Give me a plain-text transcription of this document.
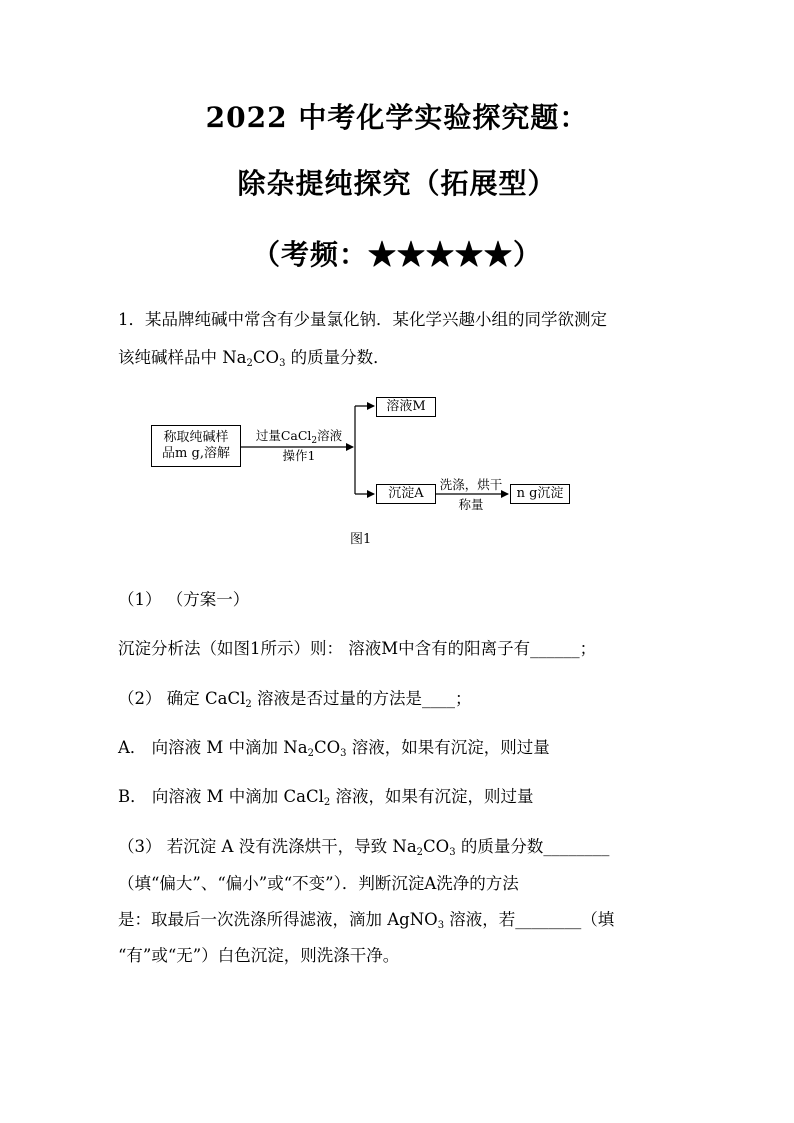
2022 中考化学实验探究题：
除杂提纯探究（拓展型）
（考频：★★★★★）
1．某品牌纯碱中常含有少量氯化钠．某化学兴趣小组的同学欲测定
该纯碱样品中 $Na_2CO_3$ 的质量分数．
称取纯碱样
品m g,溶解
过量CaCl$_2$溶液
操作1
溶液M
沉淀A
洗涤，烘干
称量
n g沉淀
图1
（1） （方案一）
沉淀分析法（如图1所示）则： 溶液M中含有的阳离子有______；
（2） 确定 CaCl$_2$ 溶液是否过量的方法是____；
A． 向溶液 M 中滴加 $Na_2CO_3$ 溶液，如果有沉淀，则过量
B． 向溶液 M 中滴加 CaCl$_2$ 溶液，如果有沉淀，则过量
（3） 若沉淀 A 没有洗涤烘干，导致 $Na_2CO_3$ 的质量分数________
（填“偏大”、“偏小”或“不变”）．判断沉淀A洗净的方法
是：取最后一次洗涤所得滤液，滴加 AgNO$_3$ 溶液，若________（填
“有”或“无”）白色沉淀，则洗涤干净。
